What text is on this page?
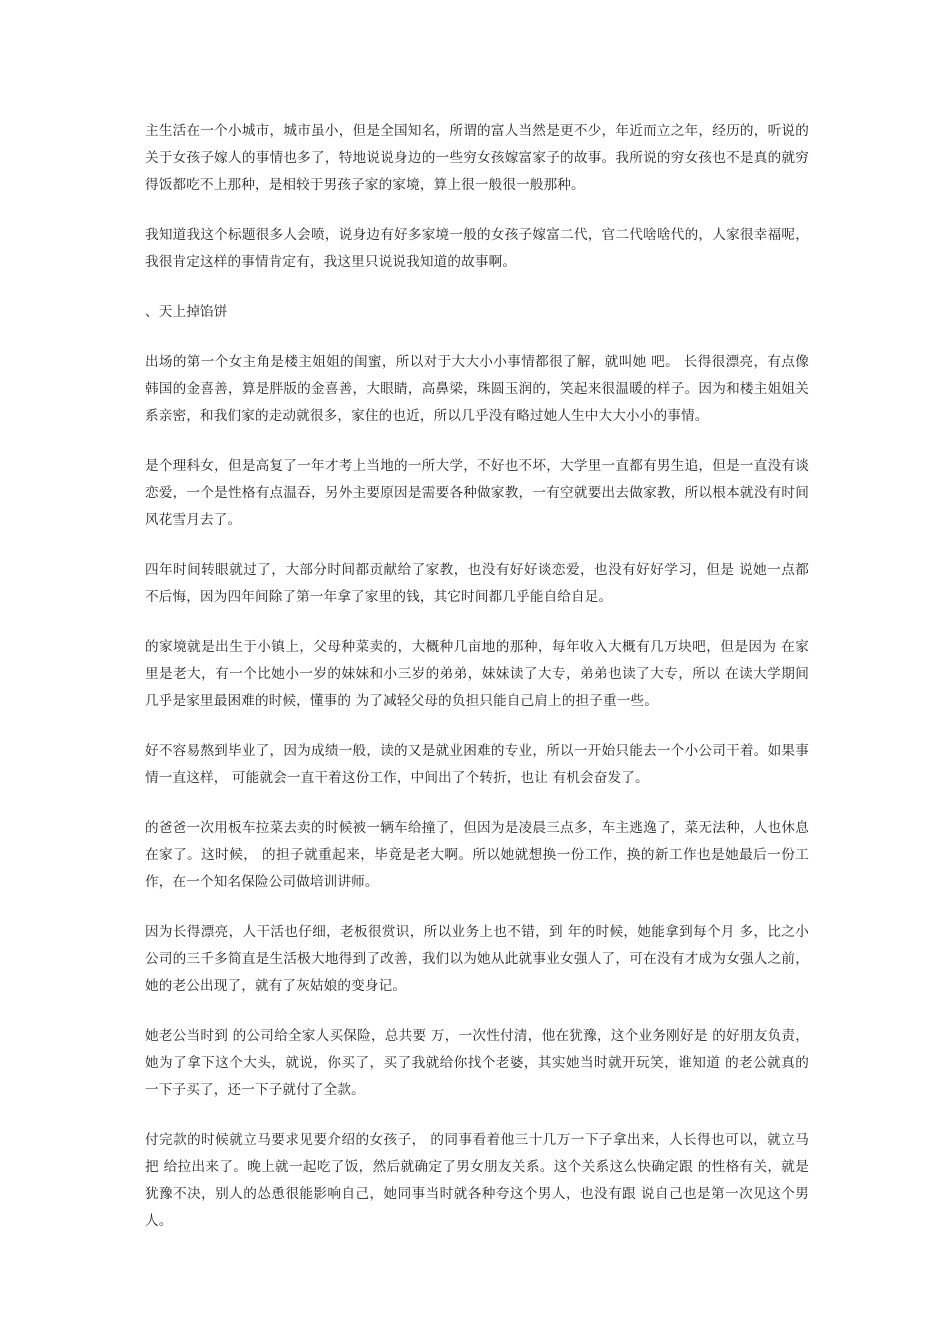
主生活在一个小城市，城市虽小，但是全国知名，所谓的富人当然是更不少，年近而立之年，经历的，听说的关于女孩子嫁人的事情也多了，特地说说身边的一些穷女孩嫁富家子的故事。我所说的穷女孩也不是真的就穷得饭都吃不上那种，是相较于男孩子家的家境，算上很一般很一般那种。

我知道我这个标题很多人会喷，说身边有好多家境一般的女孩子嫁富二代，官二代啥啥代的，人家很幸福呢，我很肯定这样的事情肯定有，我这里只说说我知道的故事啊。

、天上掉馅饼

出场的第一个女主角是楼主姐姐的闺蜜，所以对于大大小小事情都很了解，就叫她 吧。 长得很漂亮，有点像韩国的金喜善，算是胖版的金喜善，大眼睛，高鼻梁，珠圆玉润的，笑起来很温暖的样子。因为和楼主姐姐关系亲密，和我们家的走动就很多，家住的也近，所以几乎没有略过她人生中大大小小的事情。

是个理科女，但是高复了一年才考上当地的一所大学，不好也不坏，大学里一直都有男生追，但是一直没有谈恋爱，一个是性格有点温吞，另外主要原因是需要各种做家教，一有空就要出去做家教，所以根本就没有时间风花雪月去了。

四年时间转眼就过了，大部分时间都贡献给了家教，也没有好好谈恋爱，也没有好好学习，但是 说她一点都不后悔，因为四年间除了第一年拿了家里的钱，其它时间都几乎能自给自足。

的家境就是出生于小镇上，父母种菜卖的，大概种几亩地的那种，每年收入大概有几万块吧，但是因为 在家里是老大，有一个比她小一岁的妹妹和小三岁的弟弟，妹妹读了大专，弟弟也读了大专，所以 在读大学期间几乎是家里最困难的时候，懂事的 为了减轻父母的负担只能自己肩上的担子重一些。

好不容易熬到毕业了，因为成绩一般，读的又是就业困难的专业，所以一开始只能去一个小公司干着。如果事情一直这样， 可能就会一直干着这份工作，中间出了个转折，也让 有机会奋发了。

的爸爸一次用板车拉菜去卖的时候被一辆车给撞了，但因为是凌晨三点多，车主逃逸了，菜无法种，人也休息在家了。这时候， 的担子就重起来，毕竟是老大啊。所以她就想换一份工作，换的新工作也是她最后一份工作，在一个知名保险公司做培训讲师。

因为长得漂亮，人干活也仔细，老板很赏识，所以业务上也不错，到 年的时候，她能拿到每个月 多，比之小公司的三千多简直是生活极大地得到了改善，我们以为她从此就事业女强人了，可在没有才成为女强人之前，她的老公出现了，就有了灰姑娘的变身记。

她老公当时到 的公司给全家人买保险，总共要 万，一次性付清，他在犹豫，这个业务刚好是 的好朋友负责，她为了拿下这个大头，就说，你买了，买了我就给你找个老婆，其实她当时就开玩笑，谁知道 的老公就真的一下子买了，还一下子就付了全款。

付完款的时候就立马要求见要介绍的女孩子， 的同事看着他三十几万一下子拿出来，人长得也可以，就立马把 给拉出来了。晚上就一起吃了饭，然后就确定了男女朋友关系。这个关系这么快确定跟 的性格有关，就是犹豫不决，别人的怂恿很能影响自己，她同事当时就各种夸这个男人，也没有跟 说自己也是第一次见这个男人。
